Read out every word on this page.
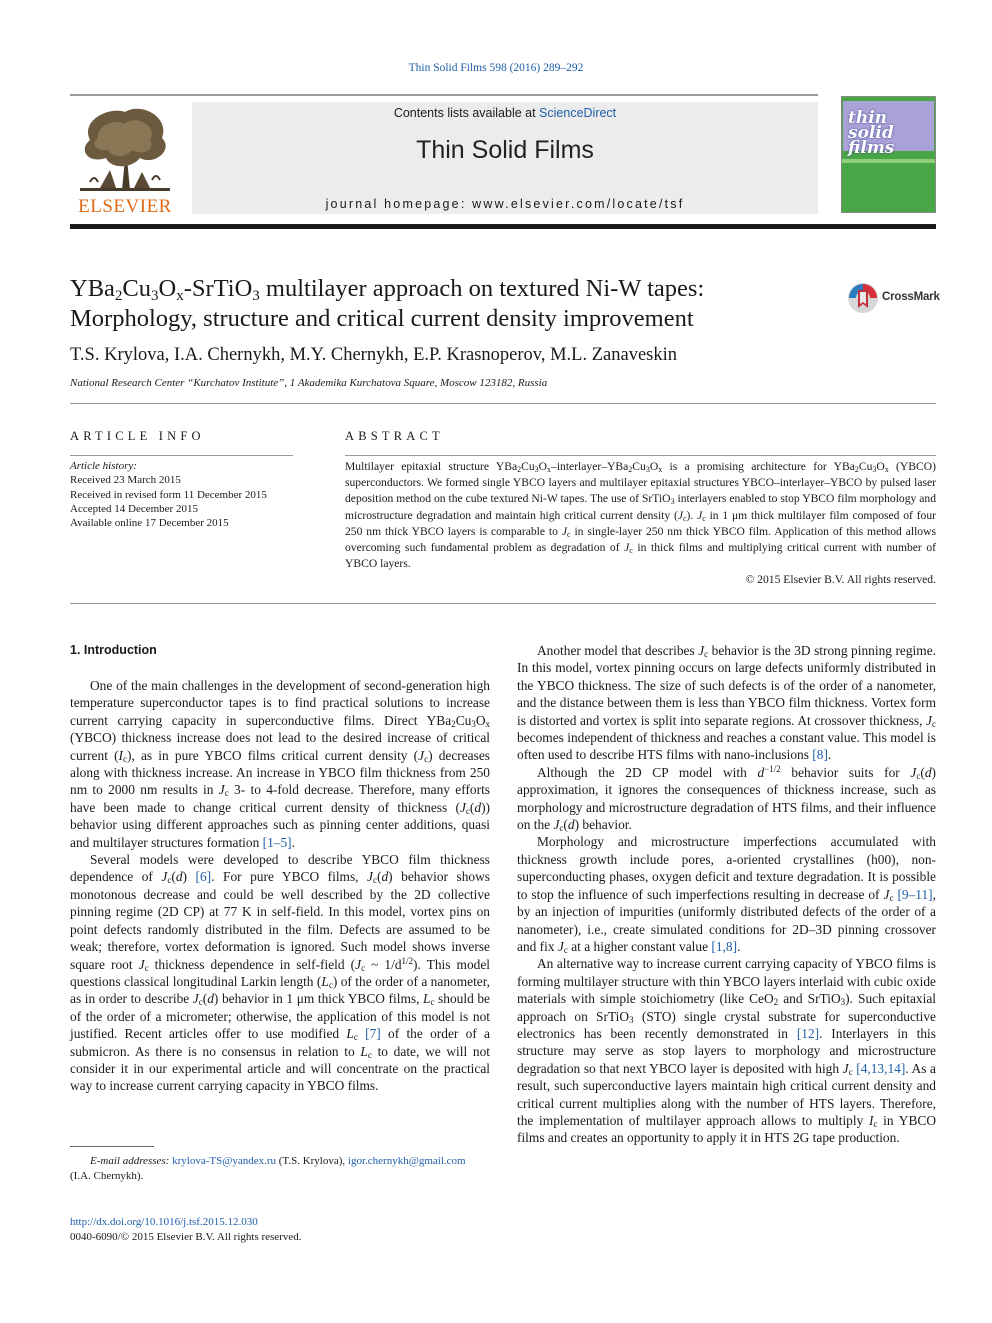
Thin Solid Films 598 (2016) 289–292
ELSEVIER
Contents lists available at ScienceDirect
Thin Solid Films
journal homepage: www.elsevier.com/locate/tsf
thin
solid
films
$YBa_2Cu_3O_x-SrTiO_3$ multilayer approach on textured Ni-W tapes:
Morphology, structure and critical current density improvement
CrossMark
T.S. Krylova, I.A. Chernykh, M.Y. Chernykh, E.P. Krasnoperov, M.L. Zanaveskin
National Research Center “Kurchatov Institute”, 1 Akademika Kurchatova Square, Moscow 123182, Russia
ARTICLE INFO
Article history:
Received 23 March 2015
Received in revised form 11 December 2015
Accepted 14 December 2015
Available online 17 December 2015
ABSTRACT
Multilayer epitaxial structure $YBa_2Cu_3O_x-interlayer-YBa_2Cu_3O_x$ is a promising architecture for $YBa_2Cu_3O_x$ (YBCO) superconductors. We formed single YBCO layers and multilayer epitaxial structures YBCO–interlayer–YBCO by pulsed laser deposition method on the cube textured Ni-W tapes. The use of SrTiO$_3$ interlayers enabled to stop YBCO film morphology and microstructure degradation and maintain high critical current density $(J_c)$. $J_c$ in 1 μm thick multilayer film composed of four 250 nm thick YBCO layers is comparable to $J_c$ in single-layer 250 nm thick YBCO film. Application of this method allows overcoming such fundamental problem as degradation of $J_c$ in thick films and multiplying critical current with number of YBCO layers.
© 2015 Elsevier B.V. All rights reserved.
1. Introduction

One of the main challenges in the development of second-generation high temperature superconductor tapes is to find practical solutions to increase current carrying capacity in superconductive films. Direct $YBa_2Cu_3O_x$ (YBCO) thickness increase does not lead to the desired increase of critical current $(I_c)$, as in pure YBCO films critical current density $(J_c)$ decreases along with thickness increase. An increase in YBCO film thickness from 250 nm to 2000 nm results in $J_c$ 3- to 4-fold decrease. Therefore, many efforts have been made to change critical current density of thickness $(J_c(d))$ behavior using different approaches such as pinning center additions, quasi and multilayer structures formation [1–5].

Several models were developed to describe YBCO film thickness dependence of $J_c(d)$ [6]. For pure YBCO films, $J_c(d)$ behavior shows monotonous decrease and could be well described by the 2D collective pinning regime (2D CP) at 77 K in self-field. In this model, vortex pins on point defects randomly distributed in the film. Defects are assumed to be weak; therefore, vortex deformation is ignored. Such model shows inverse square root $J_c$ thickness dependence in self-field ($J_c$ ~ $1/d^{1/2}$). This model questions classical longitudinal Larkin length $(L_c)$ of the order of a nanometer, as in order to describe $J_c(d)$ behavior in 1 μm thick YBCO films, $L_c$ should be of the order of a micrometer; otherwise, the application of this model is not justified. Recent articles offer to use modified $L_c$ [7] of the order of a submicron. As there is no consensus in relation to $L_c$ to date, we will not consider it in our experimental article and will concentrate on the practical way to increase current carrying capacity in YBCO films.

E-mail addresses: krylova-TS@yandex.ru (T.S. Krylova), igor.chernykh@gmail.com
(I.A. Chernykh).
http://dx.doi.org/10.1016/j.tsf.2015.12.030
0040-6090/© 2015 Elsevier B.V. All rights reserved.

Another model that describes $J_c$ behavior is the 3D strong pinning regime. In this model, vortex pinning occurs on large defects uniformly distributed in the YBCO thickness. The size of such defects is of the order of a nanometer, and the distance between them is less than YBCO film thickness. Vortex form is distorted and vortex is split into separate regions. At crossover thickness, $J_c$ becomes independent of thickness and reaches a constant value. This model is often used to describe HTS films with nano-inclusions [8].

Although the 2D CP model with $d^{-1/2}$ behavior suits for $J_c(d)$ approximation, it ignores the consequences of thickness increase, such as morphology and microstructure degradation of HTS films, and their influence on the $J_c(d)$ behavior.

Morphology and microstructure imperfections accumulated with thickness growth include pores, a-oriented crystallines (h00), non-superconducting phases, oxygen deficit and texture degradation. It is possible to stop the influence of such imperfections resulting in decrease of $J_c$ [9–11], by an injection of impurities (uniformly distributed defects of the order of a nanometer), i.e., create simulated conditions for 2D–3D pinning crossover and fix $J_c$ at a higher constant value [1,8].

An alternative way to increase current carrying capacity of YBCO films is forming multilayer structure with thin YBCO layers interlaid with cubic oxide materials with simple stoichiometry (like CeO$_2$ and SrTiO$_3$). Such epitaxial approach on SrTiO$_3$ (STO) single crystal substrate for superconductive electronics has been recently demonstrated in [12]. Interlayers in this structure may serve as stop layers to morphology and microstructure degradation so that next YBCO layer is deposited with high $J_c$ [4,13,14]. As a result, such superconductive layers maintain high critical current density and critical current multiplies along with the number of HTS layers. Therefore, the implementation of multilayer approach allows to multiply $I_c$ in YBCO films and creates an opportunity to apply it in HTS 2G tape production.
